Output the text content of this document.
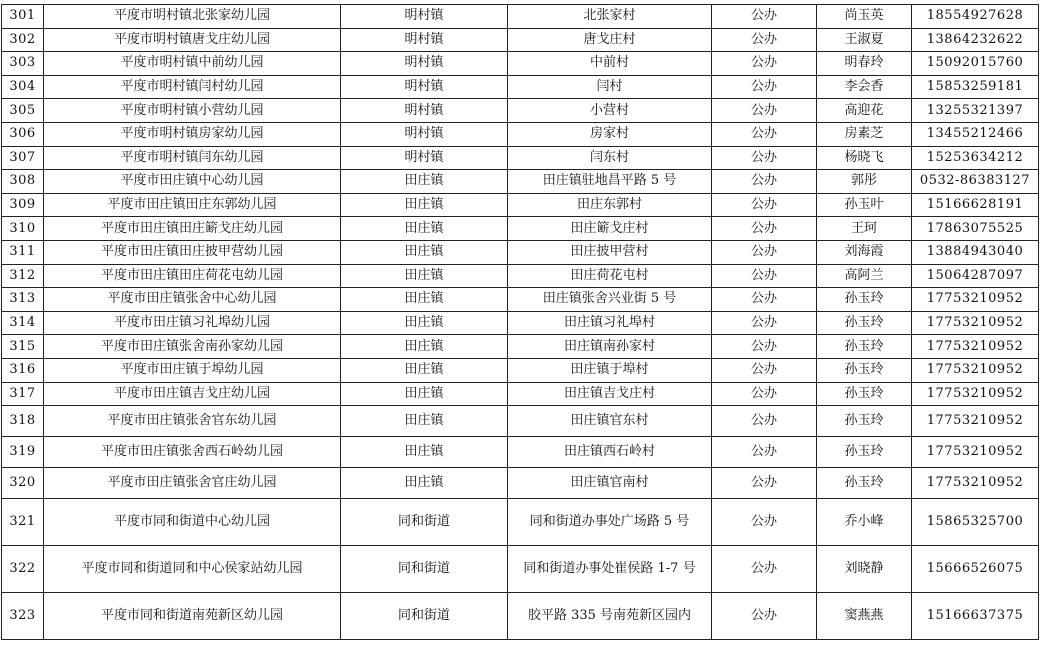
301	平度市明村镇北张家幼儿园	明村镇	北张家村	公办	尚玉英	18554927628
302	平度市明村镇唐戈庄幼儿园	明村镇	唐戈庄村	公办	王淑夏	13864232622
303	平度市明村镇中前幼儿园	明村镇	中前村	公办	明春玲	15092015760
304	平度市明村镇闫村幼儿园	明村镇	闫村	公办	李会香	15853259181
305	平度市明村镇小营幼儿园	明村镇	小营村	公办	高迎花	13255321397
306	平度市明村镇房家幼儿园	明村镇	房家村	公办	房素芝	13455212466
307	平度市明村镇闫东幼儿园	明村镇	闫东村	公办	杨晓飞	15253634212
308	平度市田庄镇中心幼儿园	田庄镇	田庄镇驻地昌平路 5 号	公办	郭彤	0532-86383127
309	平度市田庄镇田庄东郭幼儿园	田庄镇	田庄东郭村	公办	孙玉叶	15166628191
310	平度市田庄镇田庄簖戈庄幼儿园	田庄镇	田庄簖戈庄村	公办	王珂	17863075525
311	平度市田庄镇田庄披甲营幼儿园	田庄镇	田庄披甲营村	公办	刘海霞	13884943040
312	平度市田庄镇田庄荷花屯幼儿园	田庄镇	田庄荷花屯村	公办	高阿兰	15064287097
313	平度市田庄镇张舍中心幼儿园	田庄镇	田庄镇张舍兴业街 5 号	公办	孙玉玲	17753210952
314	平度市田庄镇习礼埠幼儿园	田庄镇	田庄镇习礼埠村	公办	孙玉玲	17753210952
315	平度市田庄镇张舍南孙家幼儿园	田庄镇	田庄镇南孙家村	公办	孙玉玲	17753210952
316	平度市田庄镇于埠幼儿园	田庄镇	田庄镇于埠村	公办	孙玉玲	17753210952
317	平度市田庄镇吉戈庄幼儿园	田庄镇	田庄镇吉戈庄村	公办	孙玉玲	17753210952
318	平度市田庄镇张舍官东幼儿园	田庄镇	田庄镇官东村	公办	孙玉玲	17753210952
319	平度市田庄镇张舍西石岭幼儿园	田庄镇	田庄镇西石岭村	公办	孙玉玲	17753210952
320	平度市田庄镇张舍官庄幼儿园	田庄镇	田庄镇官南村	公办	孙玉玲	17753210952
321	平度市同和街道中心幼儿园	同和街道	同和街道办事处广场路 5 号	公办	乔小峰	15865325700
322	平度市同和街道同和中心侯家站幼儿园	同和街道	同和街道办事处崔侯路 1-7 号	公办	刘晓静	15666526075
323	平度市同和街道南苑新区幼儿园	同和街道	胶平路 335 号南苑新区园内	公办	窦燕燕	15166637375
